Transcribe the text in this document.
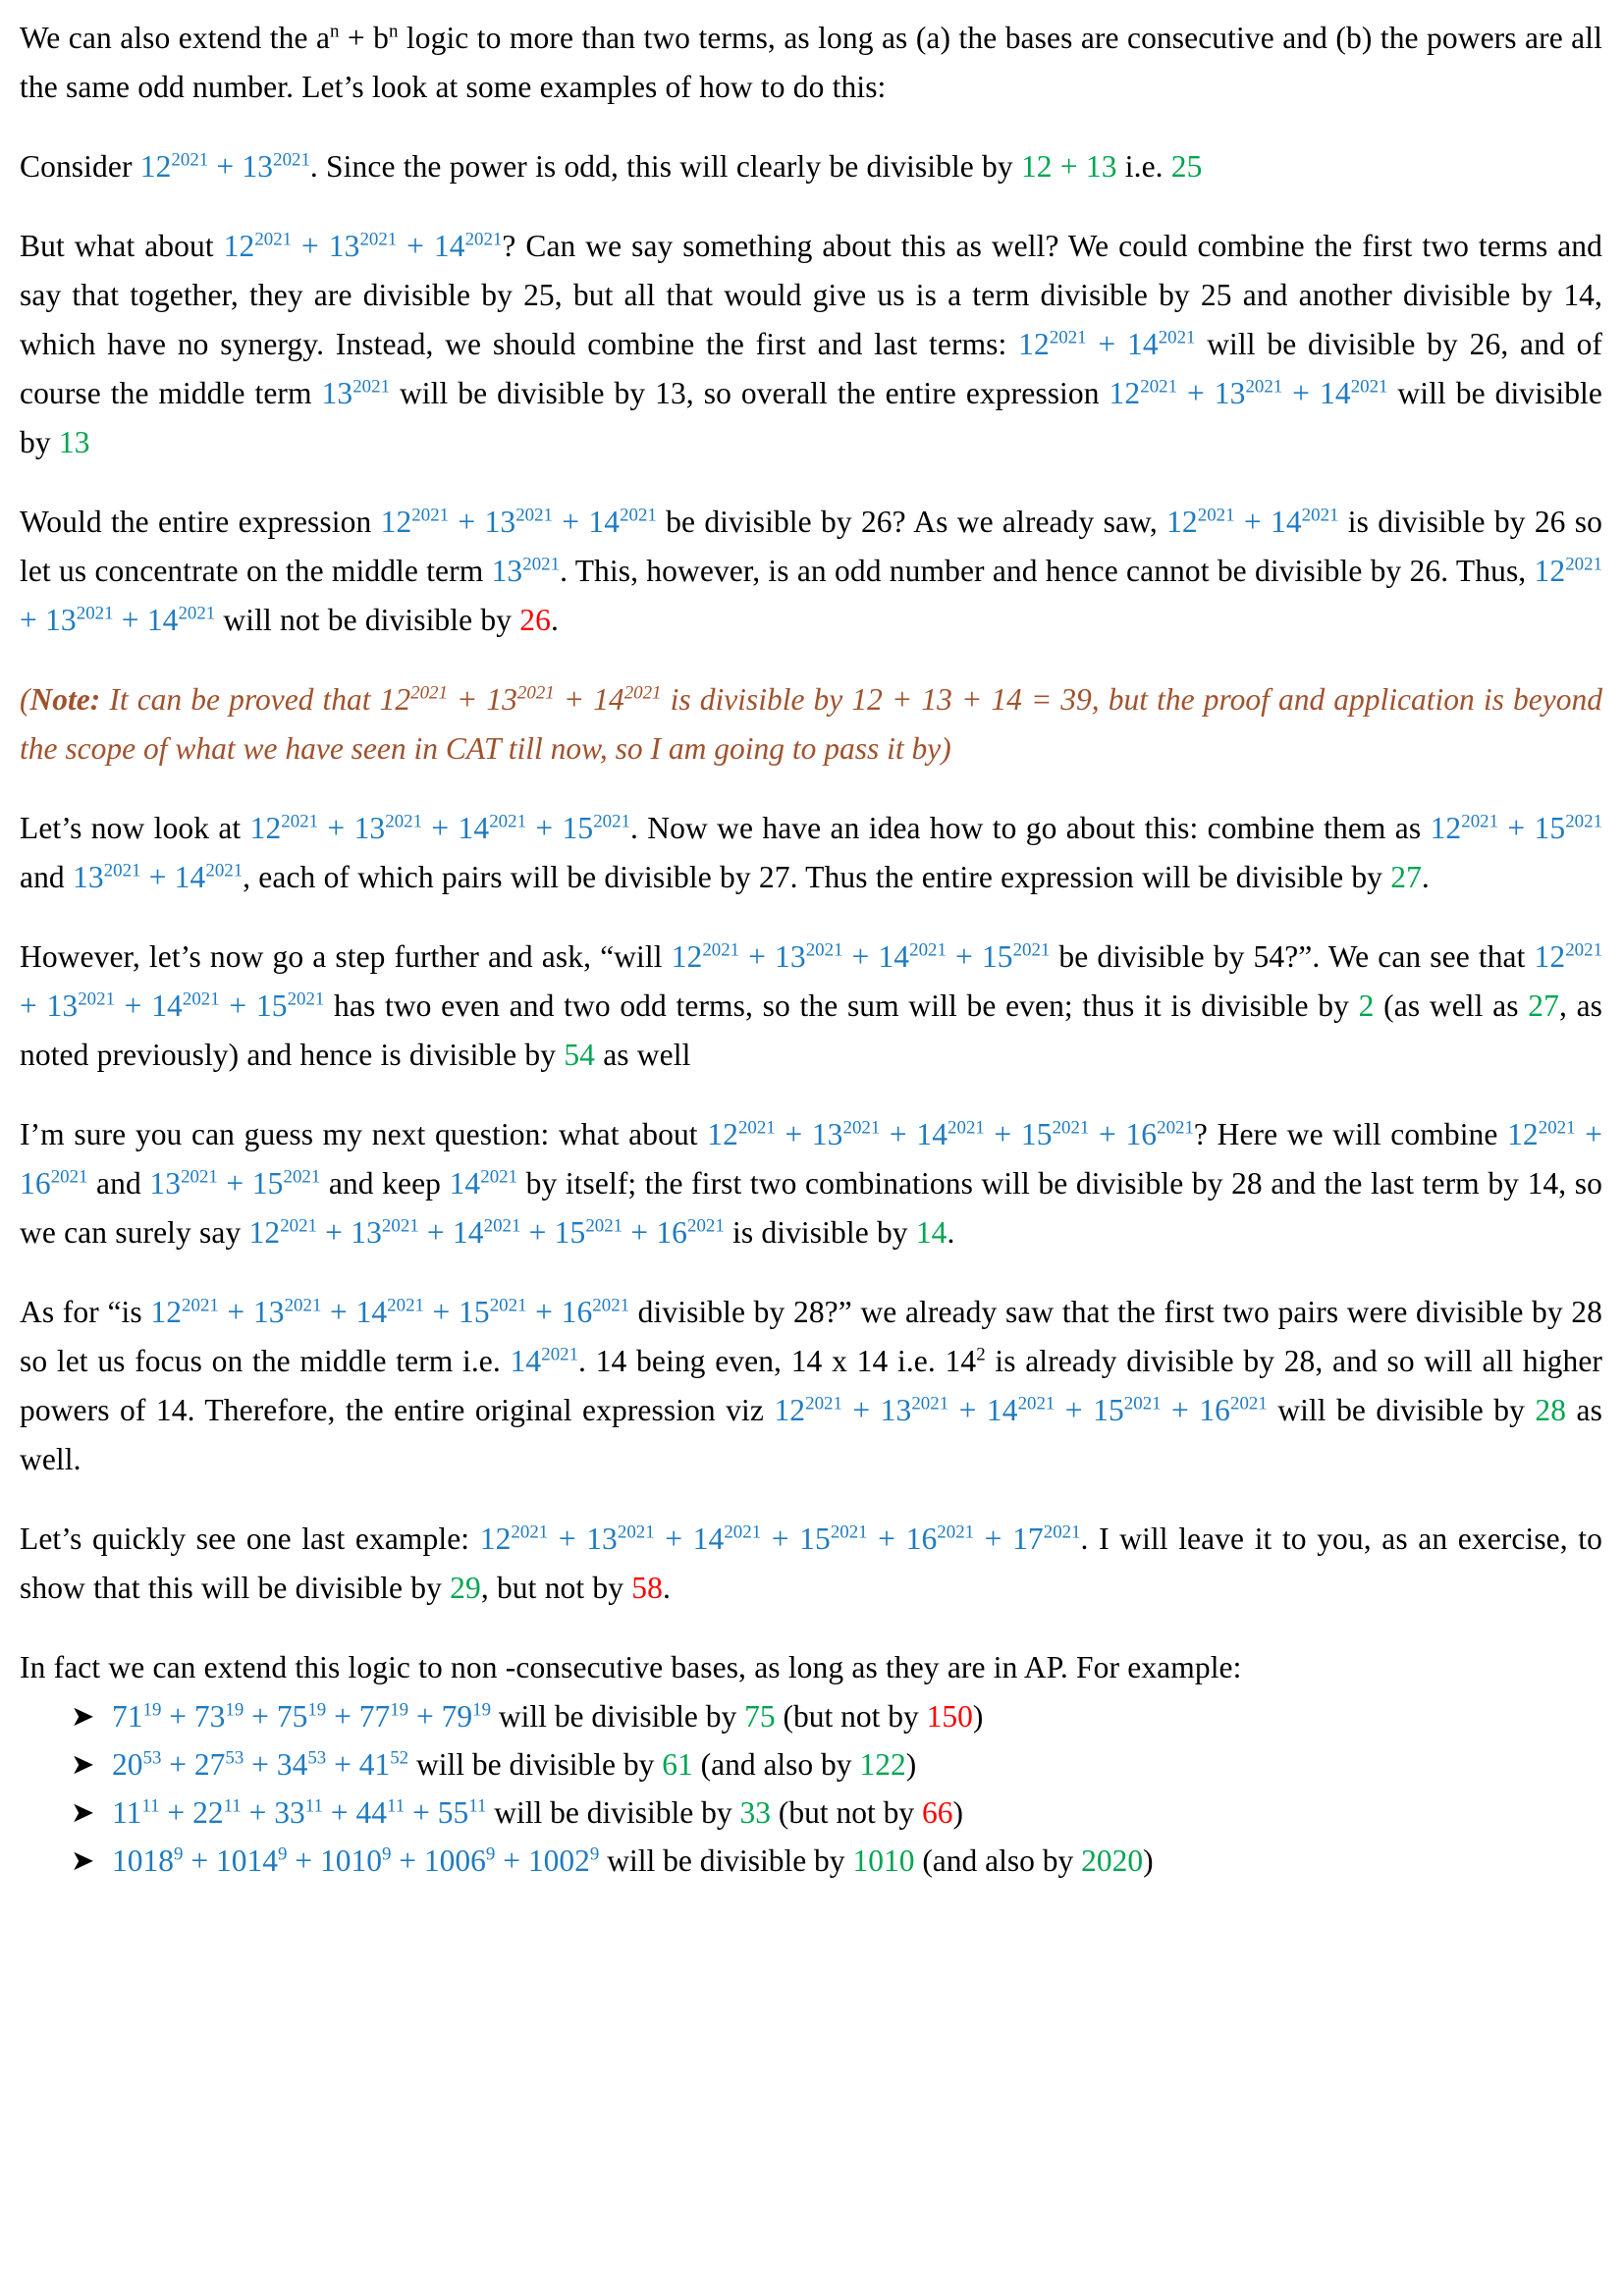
We can also extend the $a^n + b^n$ logic to more than two terms, as long as (a) the bases are consecutive and (b) the powers are all the same odd number. Let’s look at some examples of how to do this:

Consider $12^{2021} + 13^{2021}$. Since the power is odd, this will clearly be divisible by 12 + 13 i.e. 25

But what about $12^{2021} + 13^{2021} + 14^{2021}$? Can we say something about this as well? We could combine the first two terms and say that together, they are divisible by 25, but all that would give us is a term divisible by 25 and another divisible by 14, which have no synergy. Instead, we should combine the first and last terms: $12^{2021} + 14^{2021}$ will be divisible by 26, and of course the middle term $13^{2021}$ will be divisible by 13, so overall the entire expression $12^{2021} + 13^{2021} + 14^{2021}$ will be divisible by 13

Would the entire expression $12^{2021} + 13^{2021} + 14^{2021}$ be divisible by 26? As we already saw, $12^{2021} + 14^{2021}$ is divisible by 26 so let us concentrate on the middle term $13^{2021}$. This, however, is an odd number and hence cannot be divisible by 26. Thus, $12^{2021} + 13^{2021} + 14^{2021}$ will not be divisible by 26.

(Note: It can be proved that $12^{2021} + 13^{2021} + 14^{2021}$ is divisible by 12 + 13 + 14 = 39, but the proof and application is beyond the scope of what we have seen in CAT till now, so I am going to pass it by)

Let’s now look at $12^{2021} + 13^{2021} + 14^{2021} + 15^{2021}$. Now we have an idea how to go about this: combine them as $12^{2021} + 15^{2021}$ and $13^{2021} + 14^{2021}$, each of which pairs will be divisible by 27. Thus the entire expression will be divisible by 27.

However, let’s now go a step further and ask, “will $12^{2021} + 13^{2021} + 14^{2021} + 15^{2021}$ be divisible by 54?”. We can see that $12^{2021} + 13^{2021} + 14^{2021} + 15^{2021}$ has two even and two odd terms, so the sum will be even; thus it is divisible by 2 (as well as 27, as noted previously) and hence is divisible by 54 as well

I’m sure you can guess my next question: what about $12^{2021} + 13^{2021} + 14^{2021} + 15^{2021} + 16^{2021}$? Here we will combine $12^{2021} + 16^{2021}$ and $13^{2021} + 15^{2021}$ and keep $14^{2021}$ by itself; the first two combinations will be divisible by 28 and the last term by 14, so we can surely say $12^{2021} + 13^{2021} + 14^{2021} + 15^{2021} + 16^{2021}$ is divisible by 14.

As for “is $12^{2021} + 13^{2021} + 14^{2021} + 15^{2021} + 16^{2021}$ divisible by 28?” we already saw that the first two pairs were divisible by 28 so let us focus on the middle term i.e. $14^{2021}$. 14 being even, 14 x 14 i.e. $14^2$ is already divisible by 28, and so will all higher powers of 14. Therefore, the entire original expression viz $12^{2021} + 13^{2021} + 14^{2021} + 15^{2021} + 16^{2021}$ will be divisible by 28 as well.

Let’s quickly see one last example: $12^{2021} + 13^{2021} + 14^{2021} + 15^{2021} + 16^{2021} + 17^{2021}$. I will leave it to you, as an exercise, to show that this will be divisible by 29, but not by 58.

In fact we can extend this logic to non -consecutive bases, as long as they are in AP. For example:

➤ $71^{19} + 73^{19} + 75^{19} + 77^{19} + 79^{19}$ will be divisible by 75 (but not by 150)
➤ $20^{53} + 27^{53} + 34^{53} + 41^{52}$ will be divisible by 61 (and also by 122)
➤ $11^{11} + 22^{11} + 33^{11} + 44^{11} + 55^{11}$ will be divisible by 33 (but not by 66)
➤ $1018^9 + 1014^9 + 1010^9 + 1006^9 + 1002^9$ will be divisible by 1010 (and also by 2020)
